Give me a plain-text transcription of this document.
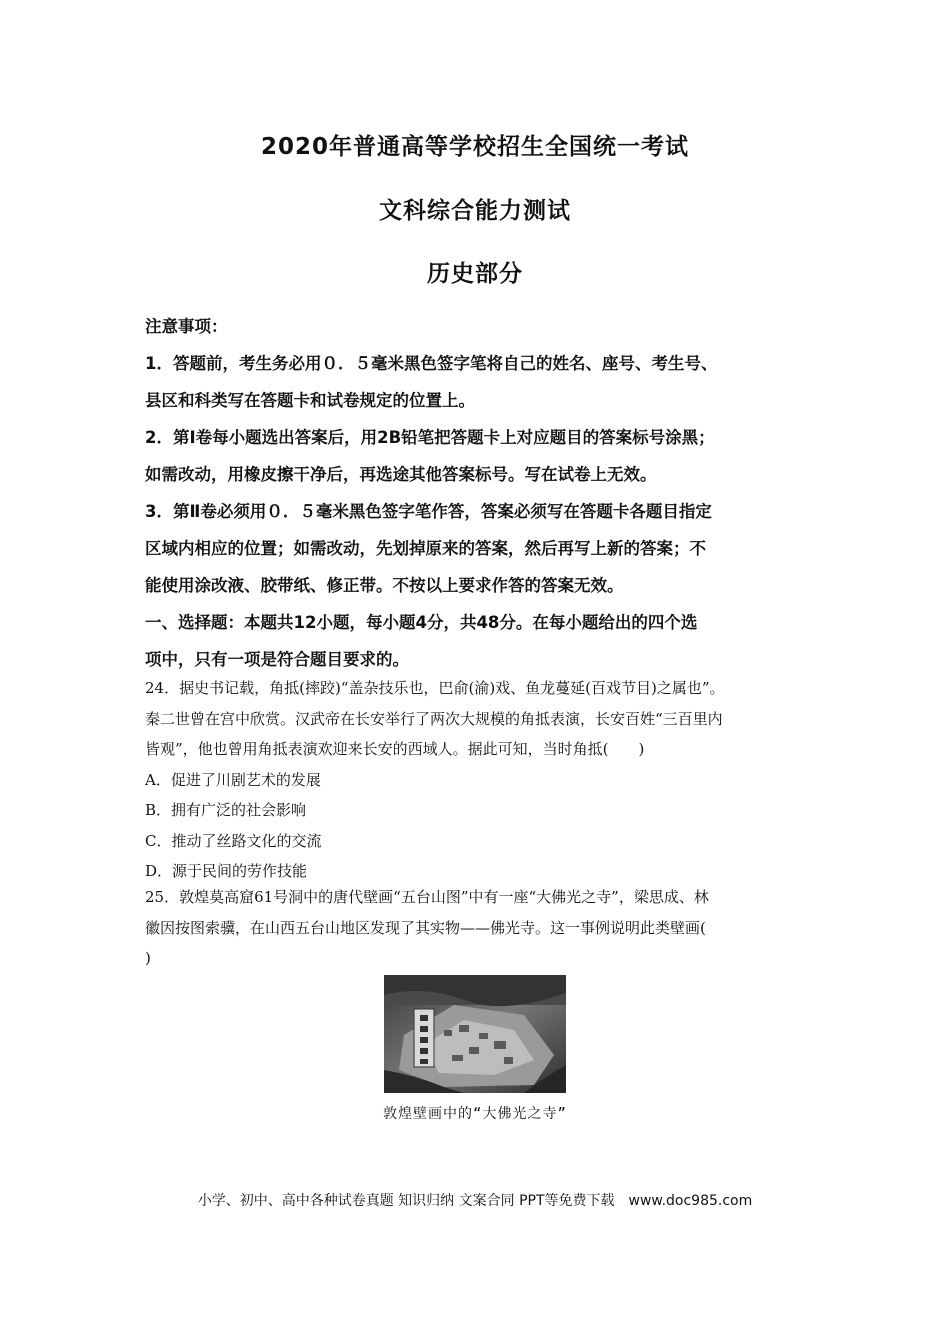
2020年普通高等学校招生全国统一考试
文科综合能力测试
历史部分
注意事项：
1．答题前，考生务必用０．５毫米黑色签字笔将自己的姓名、座号、考生号、
县区和科类写在答题卡和试卷规定的位置上。
2．第Ⅰ卷每小题选出答案后，用2B铅笔把答题卡上对应题目的答案标号涂黑；
如需改动，用橡皮擦干净后，再选途其他答案标号。写在试卷上无效。
3．第Ⅱ卷必须用０．５毫米黑色签字笔作答，答案必须写在答题卡各题目指定
区域内相应的位置；如需改动，先划掉原来的答案，然后再写上新的答案；不
能使用涂改液、胶带纸、修正带。不按以上要求作答的答案无效。
一、选择题：本题共12小题，每小题4分，共48分。在每小题给出的四个选
项中，只有一项是符合题目要求的。
24．据史书记载，角抵(摔跤)“盖杂技乐也，巴俞(渝)戏、鱼龙蔓延(百戏节目)之属也”。
秦二世曾在宫中欣赏。汉武帝在长安举行了两次大规模的角抵表演，长安百姓“三百里内
皆观”，他也曾用角抵表演欢迎来长安的西域人。据此可知，当时角抵(　　)
A．促进了川剧艺术的发展
B．拥有广泛的社会影响
C．推动了丝路文化的交流
D．源于民间的劳作技能
25．敦煌莫高窟61号洞中的唐代壁画“五台山图”中有一座“大佛光之寺”，梁思成、林
徽因按图索骥，在山西五台山地区发现了其实物——佛光寺。这一事例说明此类壁画(
)
敦煌壁画中的“大佛光之寺”
小学、初中、高中各种试卷真题 知识归纳 文案合同 PPT等免费下载　www.doc985.com
